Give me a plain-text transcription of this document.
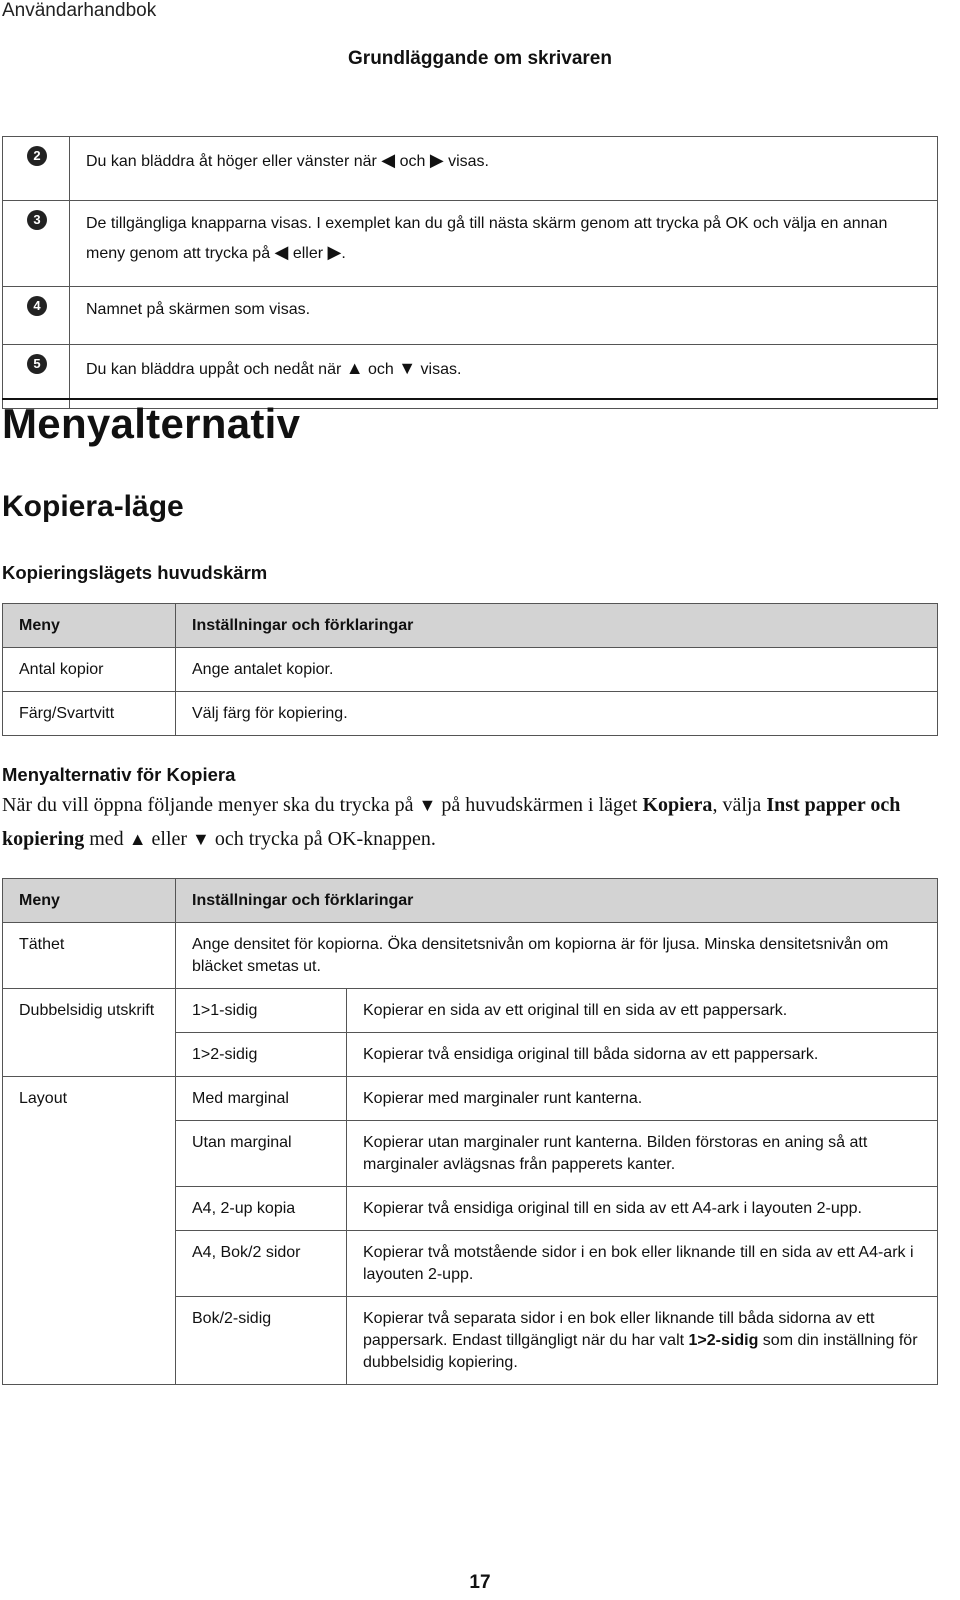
Användarhandbok
Grundläggande om skrivaren
2	Du kan bläddra åt höger eller vänster när ◀ och ▶ visas.
3	De tillgängliga knapparna visas. I exemplet kan du gå till nästa skärm genom att trycka på OK och välja en annan meny genom att trycka på ◀ eller ▶.
4	Namnet på skärmen som visas.
5	Du kan bläddra uppåt och nedåt när ▲ och ▼ visas.
Menyalternativ
Kopiera-läge
Kopieringslägets huvudskärm
Meny	Inställningar och förklaringar
Antal kopior	Ange antalet kopior.
Färg/Svartvitt	Välj färg för kopiering.
Menyalternativ för Kopiera
När du vill öppna följande menyer ska du trycka på ▼ på huvudskärmen i läget Kopiera, välja Inst papper och kopiering med ▲ eller ▼ och trycka på OK-knappen.
Meny	Inställningar och förklaringar	
Täthet	Ange densitet för kopiorna. Öka densitetsnivån om kopiorna är för ljusa. Minska densitetsnivån om bläcket smetas ut.	
Dubbelsidig utskrift	1>1-sidig	Kopierar en sida av ett original till en sida av ett pappersark.
	1>2-sidig	Kopierar två ensidiga original till båda sidorna av ett pappersark.
Layout	Med marginal	Kopierar med marginaler runt kanterna.
	Utan marginal	Kopierar utan marginaler runt kanterna. Bilden förstoras en aning så att marginaler avlägsnas från papperets kanter.
	A4, 2-up kopia	Kopierar två ensidiga original till en sida av ett A4-ark i layouten 2-upp.
	A4, Bok/2 sidor	Kopierar två motstående sidor i en bok eller liknande till en sida av ett A4-ark i layouten 2-upp.
	Bok/2-sidig	Kopierar två separata sidor i en bok eller liknande till båda sidorna av ett pappersark. Endast tillgängligt när du har valt 1>2-sidig som din inställning för dubbelsidig kopiering.
17
